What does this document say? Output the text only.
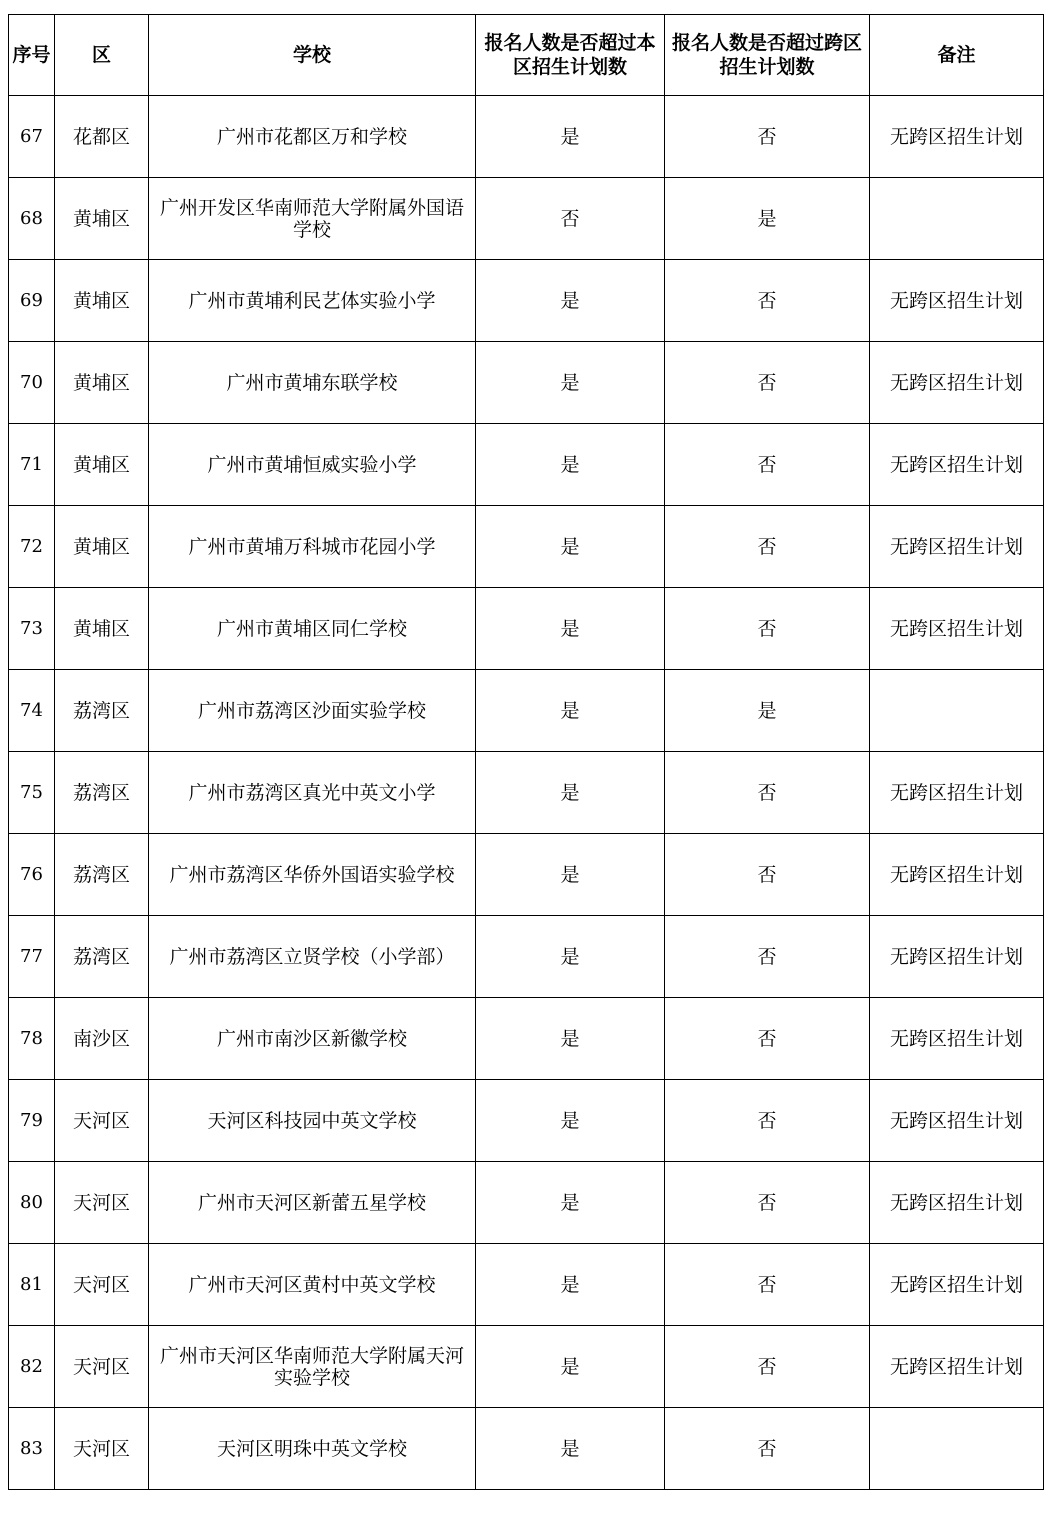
序号	区	学校	报名人数是否超过本区招生计划数	报名人数是否超过跨区招生计划数	备注
67	花都区	广州市花都区万和学校	是	否	无跨区招生计划
68	黄埔区	广州开发区华南师范大学附属外国语学校	否	是	
69	黄埔区	广州市黄埔利民艺体实验小学	是	否	无跨区招生计划
70	黄埔区	广州市黄埔东联学校	是	否	无跨区招生计划
71	黄埔区	广州市黄埔恒威实验小学	是	否	无跨区招生计划
72	黄埔区	广州市黄埔万科城市花园小学	是	否	无跨区招生计划
73	黄埔区	广州市黄埔区同仁学校	是	否	无跨区招生计划
74	荔湾区	广州市荔湾区沙面实验学校	是	是	
75	荔湾区	广州市荔湾区真光中英文小学	是	否	无跨区招生计划
76	荔湾区	广州市荔湾区华侨外国语实验学校	是	否	无跨区招生计划
77	荔湾区	广州市荔湾区立贤学校（小学部）	是	否	无跨区招生计划
78	南沙区	广州市南沙区新徽学校	是	否	无跨区招生计划
79	天河区	天河区科技园中英文学校	是	否	无跨区招生计划
80	天河区	广州市天河区新蕾五星学校	是	否	无跨区招生计划
81	天河区	广州市天河区黄村中英文学校	是	否	无跨区招生计划
82	天河区	广州市天河区华南师范大学附属天河实验学校	是	否	无跨区招生计划
83	天河区	天河区明珠中英文学校	是	否	
